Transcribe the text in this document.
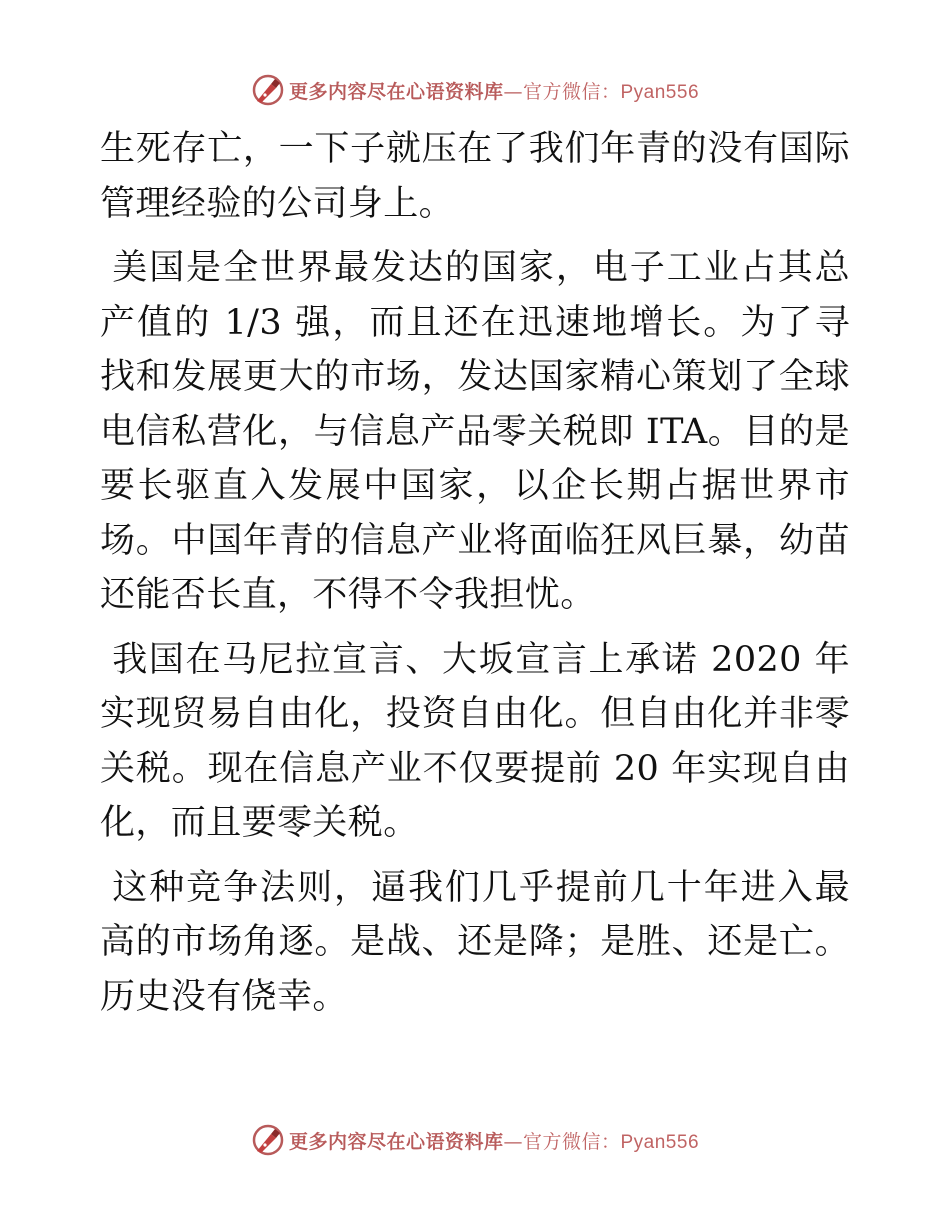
更多内容尽在心语资料库—官方微信：Pyan556

生死存亡，一下子就压在了我们年青的没有国际管理经验的公司身上。

美国是全世界最发达的国家，电子工业占其总产值的 1/3 强，而且还在迅速地增长。为了寻找和发展更大的市场，发达国家精心策划了全球电信私营化，与信息产品零关税即 ITA。目的是要长驱直入发展中国家，以企长期占据世界市场。中国年青的信息产业将面临狂风巨暴，幼苗还能否长直，不得不令我担忧。

我国在马尼拉宣言、大坂宣言上承诺 2020 年实现贸易自由化，投资自由化。但自由化并非零关税。现在信息产业不仅要提前 20 年实现自由化，而且要零关税。

这种竞争法则，逼我们几乎提前几十年进入最高的市场角逐。是战、还是降；是胜、还是亡。历史没有侥幸。

更多内容尽在心语资料库—官方微信：Pyan556
